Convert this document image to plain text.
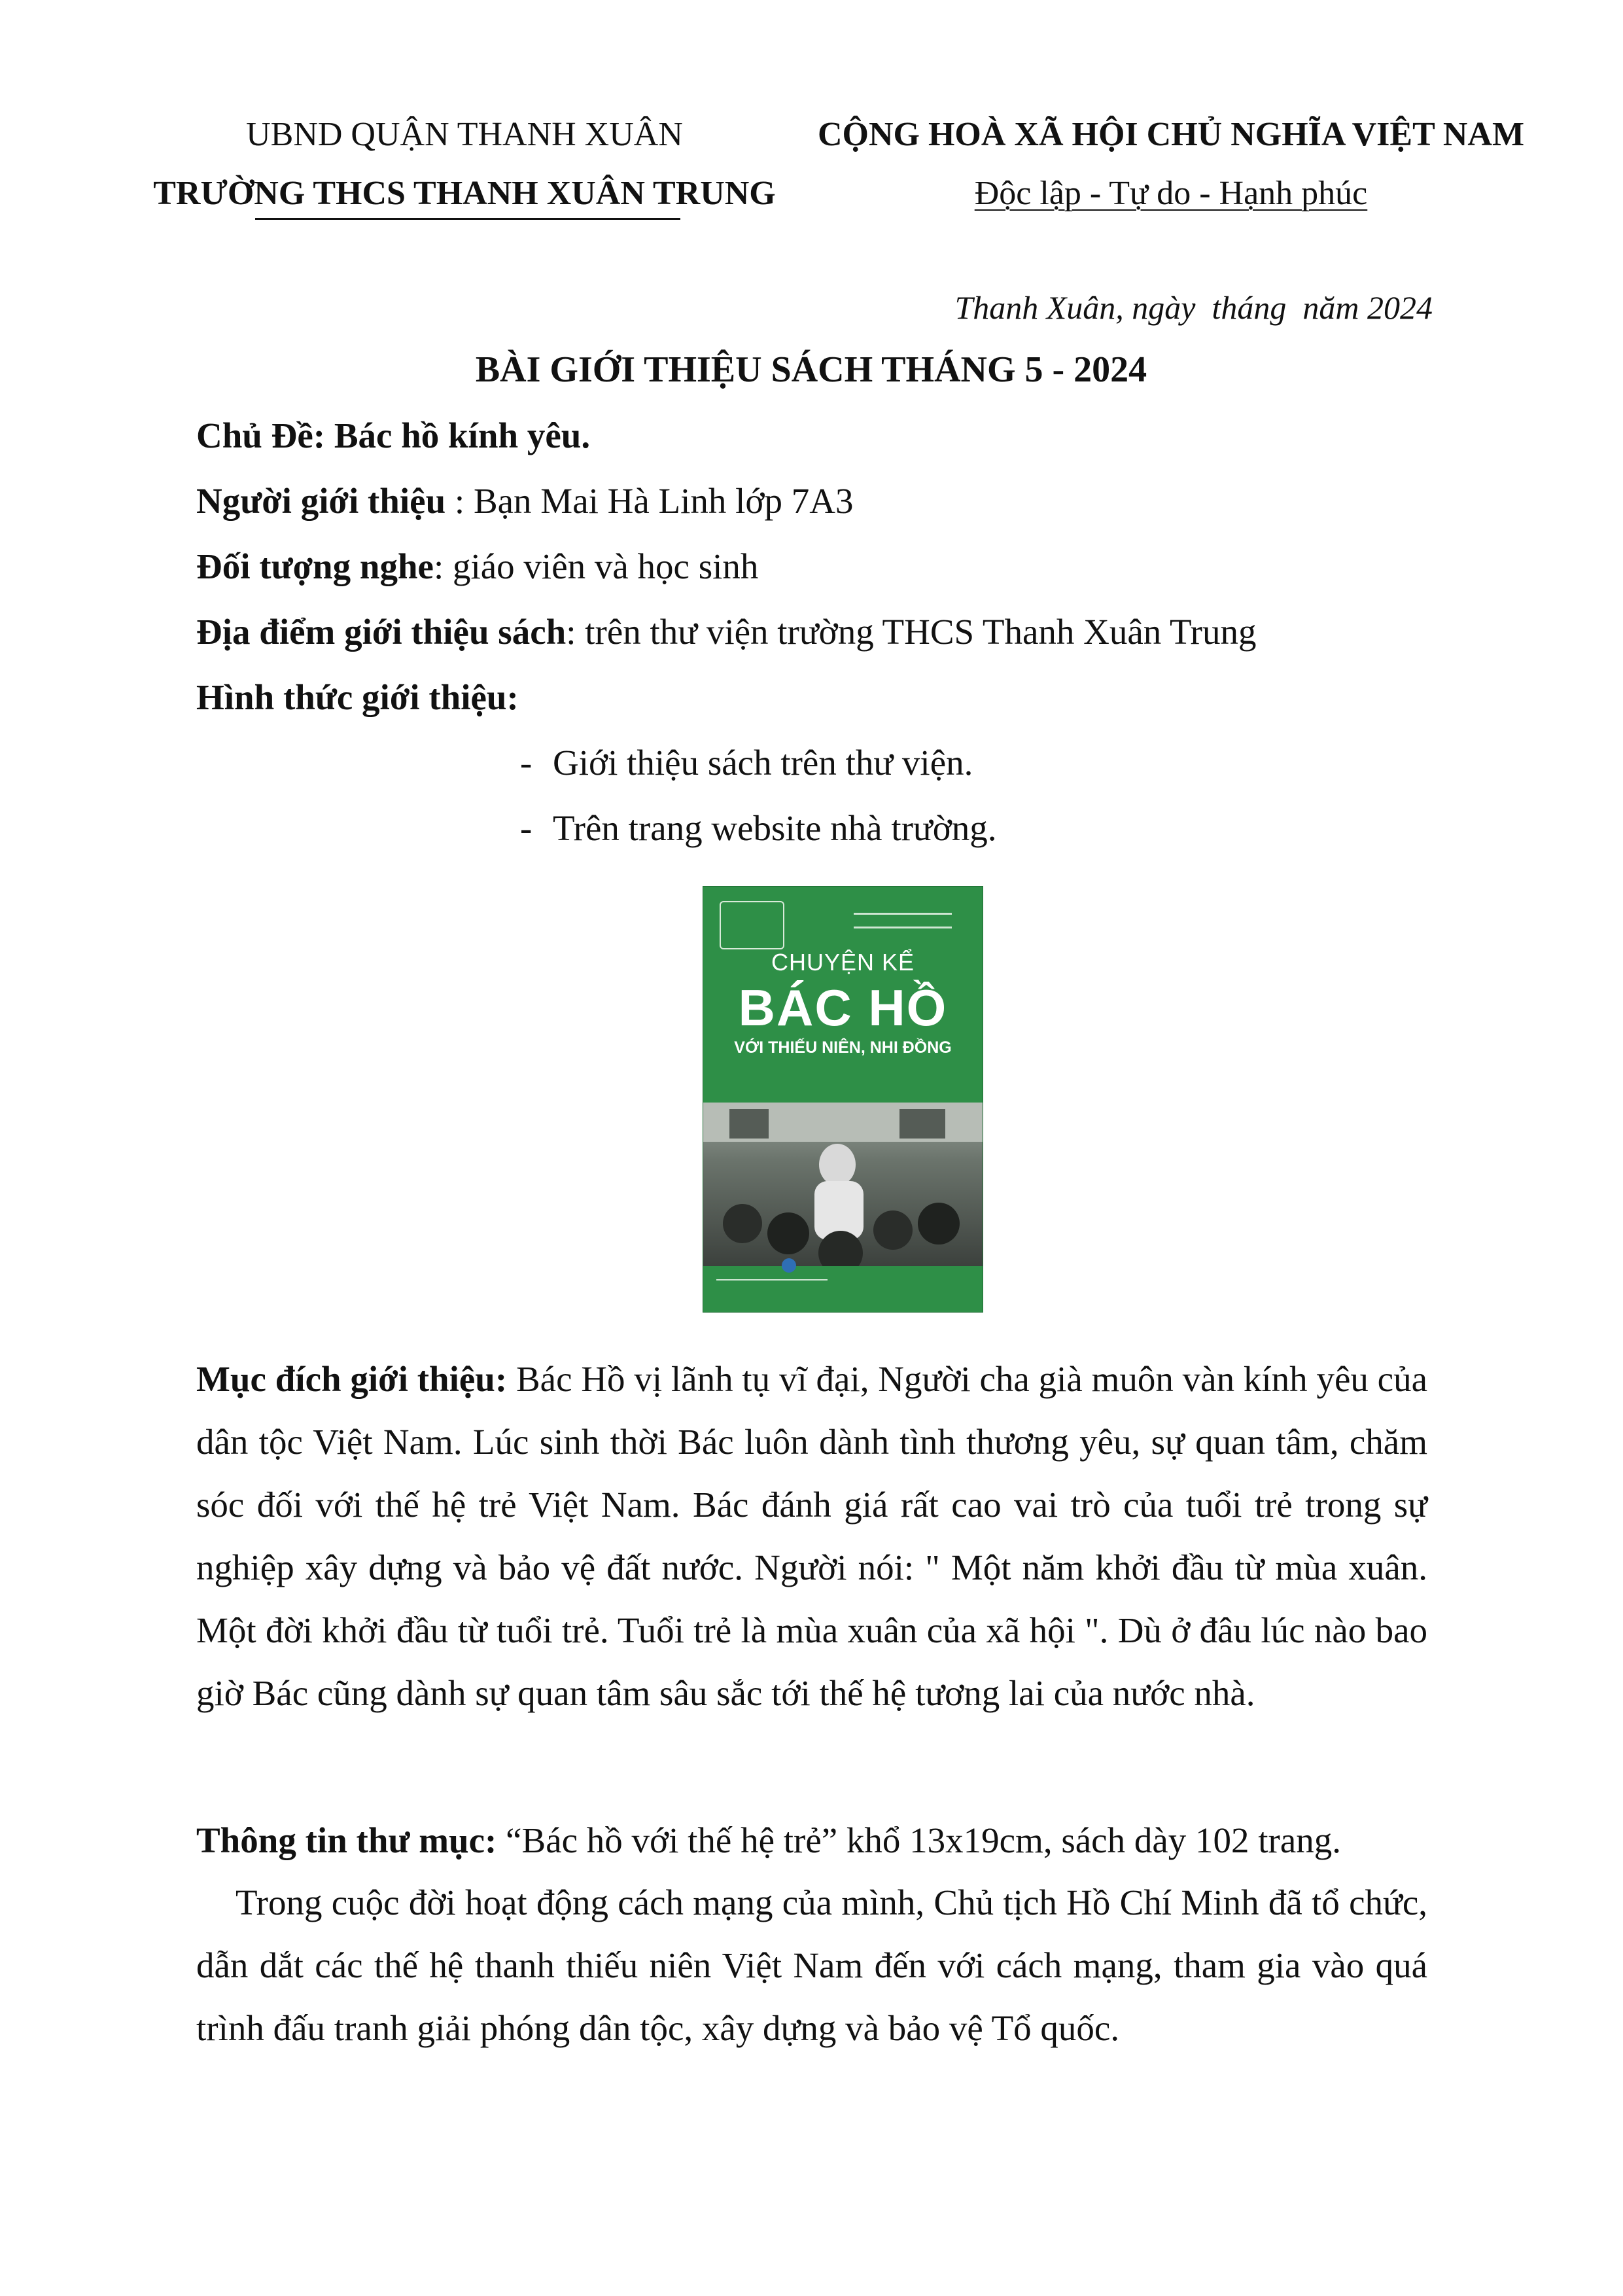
UBND QUẬN THANH XUÂN
TRƯỜNG THCS THANH XUÂN TRUNG
CỘNG HOÀ XÃ HỘI CHỦ NGHĨA VIỆT NAM
Độc lập - Tự do - Hạnh phúc
Thanh Xuân, ngày  tháng  năm 2024
BÀI GIỚI THIỆU SÁCH THÁNG 5 - 2024
Chủ Đề: Bác hồ kính yêu.
Người giới thiệu : Bạn Mai Hà Linh lớp 7A3
Đối tượng nghe: giáo viên và học sinh
Địa điểm giới thiệu sách: trên thư viện trường THCS Thanh Xuân Trung
Hình thức giới thiệu:
- Giới thiệu sách trên thư viện.
- Trên trang website nhà trường.
CHUYỆN KỂ
BÁC HỒ
VỚI THIẾU NIÊN, NHI ĐỒNG
Mục đích giới thiệu: Bác Hồ vị lãnh tụ vĩ đại, Người cha già muôn vàn kính yêu của dân tộc Việt Nam. Lúc sinh thời Bác luôn dành tình thương yêu, sự quan tâm, chăm sóc đối với thế hệ trẻ Việt Nam. Bác đánh giá rất cao vai trò của tuổi trẻ trong sự nghiệp xây dựng và bảo vệ đất nước. Người nói: " Một năm khởi đầu từ mùa xuân. Một đời khởi đầu từ tuổi trẻ. Tuổi trẻ là mùa xuân của xã hội ". Dù ở đâu lúc nào bao giờ Bác cũng dành sự quan tâm sâu sắc tới thế hệ tương lai của nước nhà.
Thông tin thư mục: “Bác hồ với thế hệ trẻ” khổ 13x19cm, sách dày 102 trang.
Trong cuộc đời hoạt động cách mạng của mình, Chủ tịch Hồ Chí Minh đã tổ chức, dẫn dắt các thế hệ thanh thiếu niên Việt Nam đến với cách mạng, tham gia vào quá trình đấu tranh giải phóng dân tộc, xây dựng và bảo vệ Tổ quốc.
